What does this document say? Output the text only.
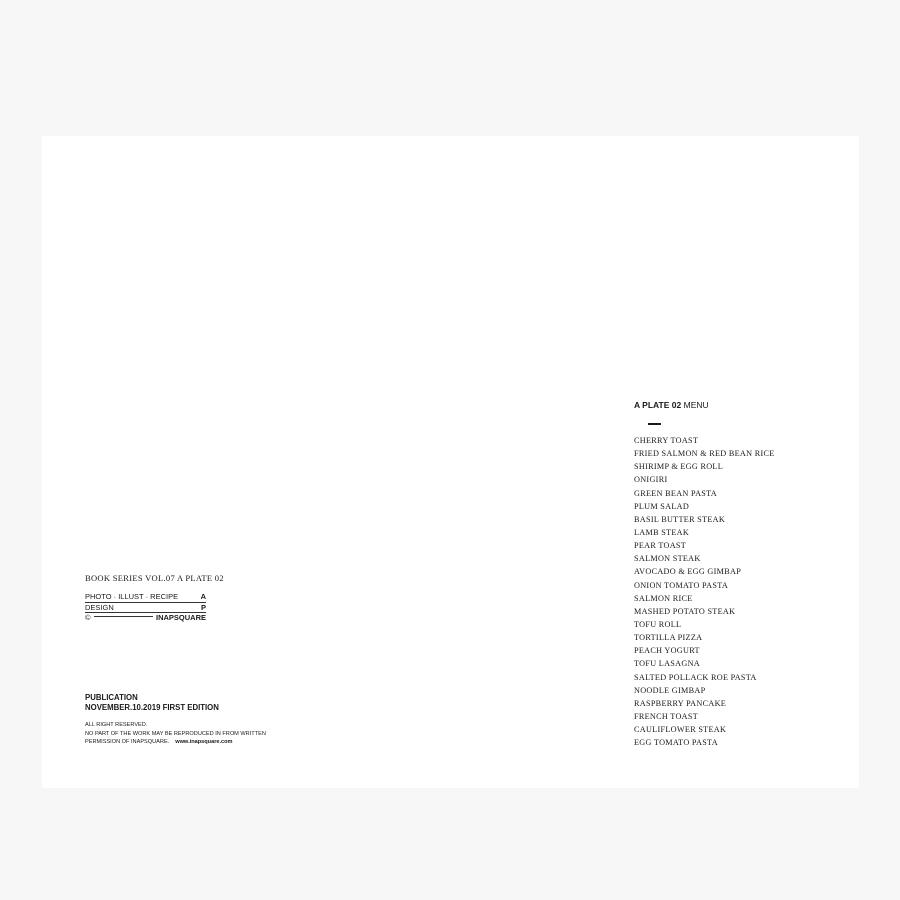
BOOK SERIES VOL.07 A PLATE 02
PHOTO · ILLUST · RECIPE	A
DESIGN	P
©	INAPSQUARE
PUBLICATION
NOVEMBER.10.2019 FIRST EDITION
ALL RIGHT RESERVED.
NO PART OF THE WORK MAY BE REPRODUCED IN FROM WRITTEN
PERMISSION OF INAPSQUARE. www.inapsquare.com
A PLATE 02 MENU
CHERRY TOAST
FRIED SALMON & RED BEAN RICE
SHIRIMP & EGG ROLL
ONIGIRI
GREEN BEAN PASTA
PLUM SALAD
BASIL BUTTER STEAK
LAMB STEAK
PEAR TOAST
SALMON STEAK
AVOCADO & EGG GIMBAP
ONION TOMATO PASTA
SALMON RICE
MASHED POTATO STEAK
TOFU ROLL
TORTILLA PIZZA
PEACH YOGURT
TOFU LASAGNA
SALTED POLLACK ROE PASTA
NOODLE GIMBAP
RASPBERRY PANCAKE
FRENCH TOAST
CAULIFLOWER STEAK
EGG TOMATO PASTA
